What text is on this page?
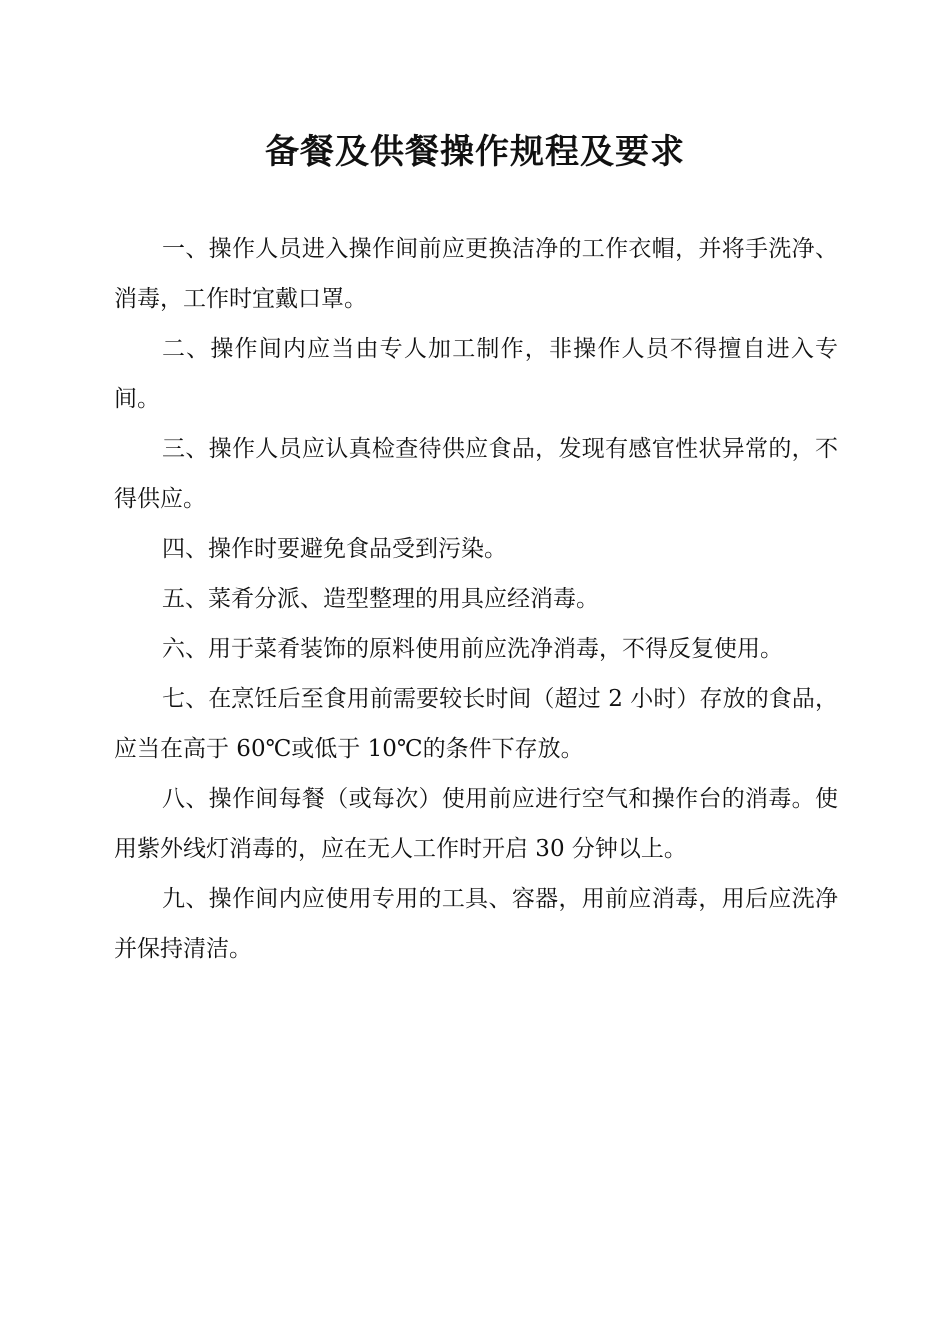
备餐及供餐操作规程及要求

一、操作人员进入操作间前应更换洁净的工作衣帽，并将手洗净、消毒，工作时宜戴口罩。

二、操作间内应当由专人加工制作，非操作人员不得擅自进入专间。

三、操作人员应认真检查待供应食品，发现有感官性状异常的，不得供应。

四、操作时要避免食品受到污染。

五、菜肴分派、造型整理的用具应经消毒。

六、用于菜肴装饰的原料使用前应洗净消毒，不得反复使用。

七、在烹饪后至食用前需要较长时间（超过 2 小时）存放的食品，应当在高于 60℃或低于 10℃的条件下存放。

八、操作间每餐（或每次）使用前应进行空气和操作台的消毒。使用紫外线灯消毒的，应在无人工作时开启 30 分钟以上。

九、操作间内应使用专用的工具、容器，用前应消毒，用后应洗净并保持清洁。
